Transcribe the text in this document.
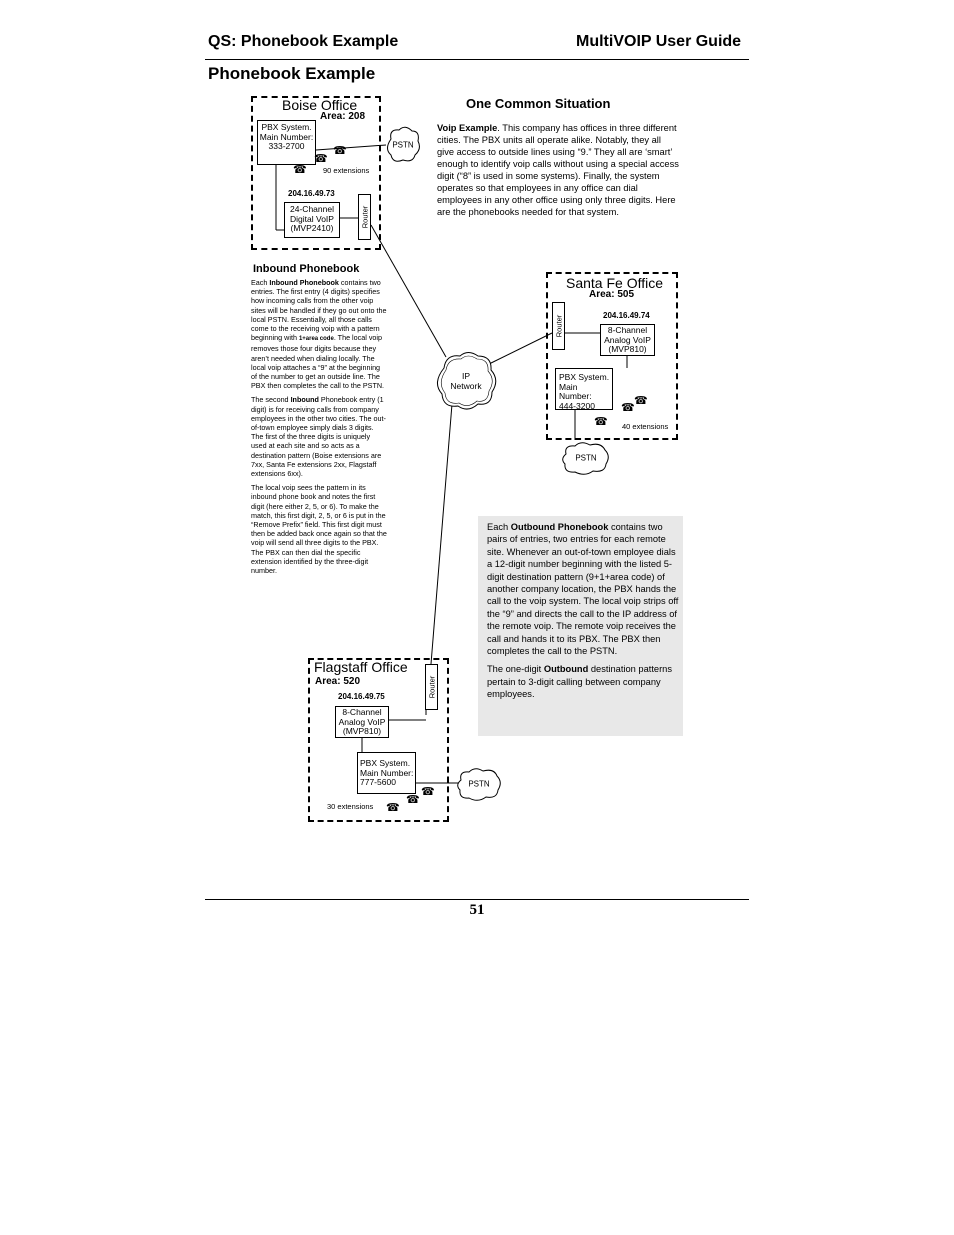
QS: Phonebook Example	MultiVOIP User Guide
Phonebook Example
Boise Office
Area: 208
PBX System.
Main Number:
333-2700	☎
☎
☎ 90 extensions
204.16.49.73
24-Channel
Digital VoIP
(MVP2410)	Router
PSTN
One Common Situation
Voip Example. This company has offices in three different cities. The PBX units all operate alike. Notably, they all give access to outside lines using “9.” They all are ‘smart’ enough to identify voip calls without using a special access digit (“8” is used in some systems). Finally, the system operates so that employees in any office can dial employees in any other office using only three digits. Here are the phonebooks needed for that system.
Inbound Phonebook

Each Inbound Phonebook contains two entries. The first entry (4 digits) specifies how incoming calls from the other voip sites will be handled if they go out onto the local PSTN. Essentially, all those calls come to the receiving voip with a pattern beginning with 1+area code. The local voip removes those four digits because they aren’t needed when dialing locally. The local voip attaches a “9” at the beginning of the number to get an outside line. The PBX then completes the call to the PSTN.

The second Inbound Phonebook entry (1 digit) is for receiving calls from company employees in the other two cities. The out-of-town employee simply dials 3 digits. The first of the three digits is uniquely used at each site and so acts as a destination pattern (Boise extensions are 7xx, Santa Fe extensions 2xx, Flagstaff extensions 6xx).

The local voip sees the pattern in its inbound phone book and notes the first digit (here either 2, 5, or 6). To make the match, this first digit, 2, 5, or 6 is put in the “Remove Prefix” field. This first digit must then be added back once again so that the voip will send all three digits to the PBX. The PBX can then dial the specific extension identified by the three-digit number.

Santa Fe Office
Area: 505
Router	204.16.49.74
8-Channel
Analog VoIP
(MVP810)
PBX System.
Main Number:
444-3200	☎
☎
☎ 40 extensions
PSTN
IP
Network

Each Outbound Phonebook contains two pairs of entries, two entries for each remote site. Whenever an out-of-town employee dials a 12-digit number beginning with the listed 5-digit destination pattern (9+1+area code) of another company location, the PBX hands the call to the voip system. The local voip strips off the “9” and directs the call to the IP address of the remote voip. The remote voip receives the call and hands it to its PBX. The PBX then completes the call to the PSTN.

The one-digit Outbound destination patterns pertain to 3-digit calling between company employees.

Flagstaff Office
Area: 520	Router
204.16.49.75
8-Channel
Analog VoIP
(MVP810)
PBX System.
Main Number:
777-5600
☎
☎
☎
30 extensions
PSTN
51
